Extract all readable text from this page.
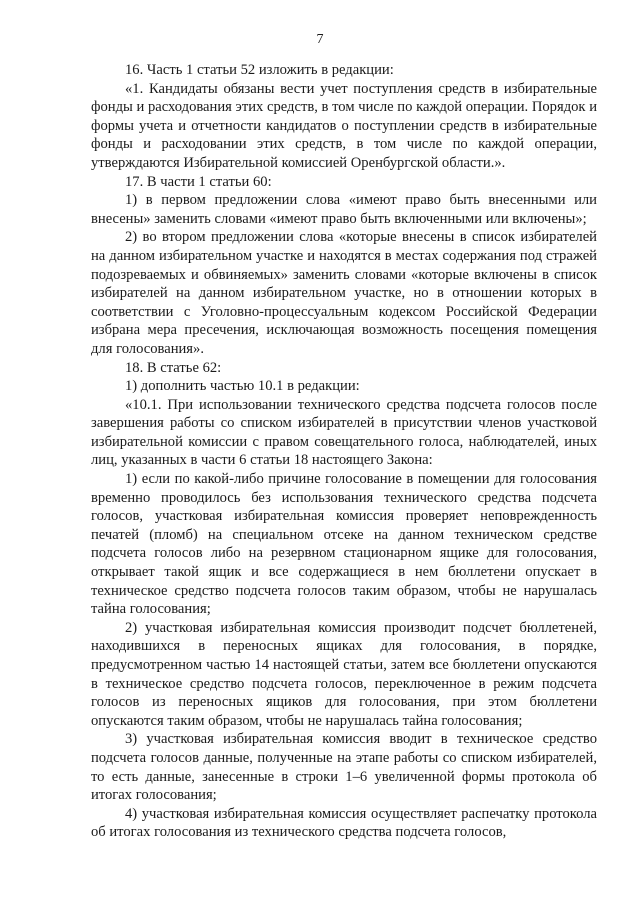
7

16. Часть 1 статьи 52 изложить в редакции:

«1. Кандидаты обязаны вести учет поступления средств в избирательные фонды и расходования этих средств, в том числе по каждой операции. Порядок и формы учета и отчетности кандидатов о поступлении средств в избирательные фонды и расходовании этих средств, в том числе по каждой операции, утверждаются Избирательной комиссией Оренбургской области.».

17. В части 1 статьи 60:

1) в первом предложении слова «имеют право быть внесенными или внесены» заменить словами «имеют право быть включенными или включены»;

2) во втором предложении слова «которые внесены в список избирателей на данном избирательном участке и находятся в местах содержания под стражей подозреваемых и обвиняемых» заменить словами «которые включены в список избирателей на данном избирательном участке, но в отношении которых в соответствии с Уголовно-процессуальным кодексом Российской Федерации избрана мера пресечения, исключающая возможность посещения помещения для голосования».

18. В статье 62:

1) дополнить частью 10.1 в редакции:

«10.1. При использовании технического средства подсчета голосов после завершения работы со списком избирателей в присутствии членов участковой избирательной комиссии с правом совещательного голоса, наблюдателей, иных лиц, указанных в части 6 статьи 18 настоящего Закона:

1) если по какой-либо причине голосование в помещении для голосования временно проводилось без использования технического средства подсчета голосов, участковая избирательная комиссия проверяет неповрежденность печатей (пломб) на специальном отсеке на данном техническом средстве подсчета голосов либо на резервном стационарном ящике для голосования, открывает такой ящик и все содержащиеся в нем бюллетени опускает в техническое средство подсчета голосов таким образом, чтобы не нарушалась тайна голосования;

2) участковая избирательная комиссия производит подсчет бюллетеней, находившихся в переносных ящиках для голосования, в порядке, предусмотренном частью 14 настоящей статьи, затем все бюллетени опускаются в техническое средство подсчета голосов, переключенное в режим подсчета голосов из переносных ящиков для голосования, при этом бюллетени опускаются таким образом, чтобы не нарушалась тайна голосования;

3) участковая избирательная комиссия вводит в техническое средство подсчета голосов данные, полученные на этапе работы со списком избирателей, то есть данные, занесенные в строки 1–6 увеличенной формы протокола об итогах голосования;

4) участковая избирательная комиссия осуществляет распечатку протокола об итогах голосования из технического средства подсчета голосов,
